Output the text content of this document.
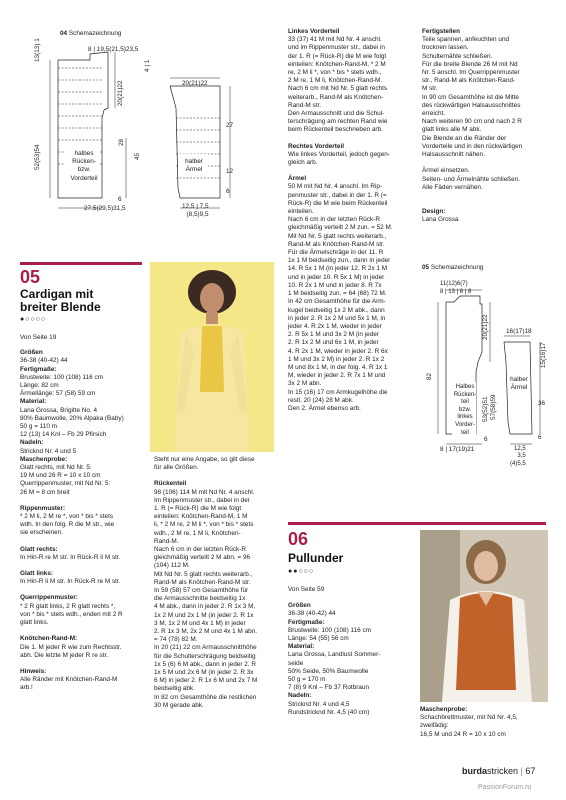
04 Schemazeichnung
8 | 19,5(21,5)23,5
13(13) 1
52(53)54
28
45
6
20(21)22
4 | 1
halbes
Rücken- bzw.
Vorderteil
27,5(29,5)31,5
20(21)22
27
12
6
halber
Ärmel
12,5 | 7,5
(8,5)9,5
05
Cardigan mit
breiter Blende
●○○○○
Von Seite 19
Größen
36-38 (40-42) 44
Fertigmaße:
Brustweite: 100 (108) 116 cm
Länge: 82 cm
Ärmellänge: 57 (58) 59 cm
Material:
Lana Grossa, Brigitte No. 4
80% Baumwolle, 20% Alpaka (Baby)
50 g = 110 m
12 (13) 14 Knl – Fb 29 Pfirsich
Nadeln:
Stricknd Nr. 4 und 5
Maschenprobe:
Glatt rechts, mit Nd Nr. 5:
19 M und 26 R = 10 x 10 cm
Querrippenmuster, mit Nd Nr. 5:
26 M = 8 cm breit
Rippenmuster:
* 2 M li, 2 M re *, von * bis * stets
wdh. In den folg. R die M str., wie
sie erscheinen.
Glatt rechts:
In Hin-R re M str. In Rück-R li M str.
Glatt links:
In Hin-R li M str. In Rück-R re M str.
Querrippenmuster:
* 2 R glatt links, 2 R glatt rechts *,
von * bis * stets wdh., enden mit 2 R
glatt links.
Knötchen-Rand-M:
Die 1. M jeder R wie zum Rechtsstr.
abh. Die letzte M jeder R re str.
Hinweis:
Alle Ränder mit Knötchen-Rand-M
arb.!
Steht nur eine Angabe, so gilt diese
für alle Größen.
Rückenteil
98 (106) 114 M mit Nd Nr. 4 anschl.
Im Rippenmuster str., dabei in der
1. R (= Rück-R) die M wie folgt
einteilen: Knötchen-Rand-M, 1 M
li, * 2 M re, 2 M li *, von * bis * stets
wdh., 2 M re, 1 M li, Knötchen-
Rand-M.
Nach 6 cm in der letzten Rück-R
gleichmäßig verteilt 2 M abn. = 96
(104) 112 M.
Mit Nd Nr. 5 glatt rechts weiterarb.,
Rand-M als Knötchen-Rand-M str.
In 59 (58) 57 cm Gesamthöhe für
die Armausschnitte beidseitig 1x
4 M abk., dann in jeder 2. R 1x 3 M,
1x 2 M und 2x 1 M (in jeder 2. R 1x
3 M, 1x 2 M und 4x 1 M) in jeder
2. R 1x 3 M, 2x 2 M und 4x 1 M abn.
= 74 (78) 82 M.
In 20 (21) 22 cm Armausschnitthöhe
für die Schulterschrägung beidseitig
1x 5 (6) 6 M abk., dann in jeder 2. R
1x 5 M und 2x 6 M (in jeder 2. R 3x
6 M) in jeder 2. R 1x 6 M und 2x 7 M
beidseitig abk.
In 82 cm Gesamthöhe die restlichen
30 M gerade abk.
Linkes Vorderteil
33 (37) 41 M mit Nd Nr. 4 anschl.
und im Rippenmuster str., dabei in
der 1. R (= Rück-R) die M wie folgt
einteilen: Knötchen-Rand-M, * 2 M
re, 2 M li *, von * bis * stets wdh.,
2 M re, 1 M li, Knötchen-Rand-M.
Nach 6 cm mit Nd Nr. 5 glatt rechts
weiterarb., Rand-M als Knötchen-
Rand-M str.
Den Armausschnitt und die Schul-
terschrägung am rechten Rand wie
beim Rückenteil beschrieben arb.
Rechtes Vorderteil
Wie linkes Vorderteil, jedoch gegen-
gleich arb.
Ärmel
50 M mit Nd Nr. 4 anschl. Im Rip-
penmuster str., dabei in der 1. R (=
Rück-R) die M wie beim Rückenteil
einteilen.
Nach 6 cm in der letzten Rück-R
gleichmäßig verteilt 2 M zun. = 52 M.
Mit Nd Nr. 5 glatt rechts weiterarb.,
Rand-M als Knötchen-Rand-M str.
Für die Ärmelschräge in der 11. R
1x 1 M beidseitig zun., dann in jeder
14. R 5x 1 M (in jeder 12. R 2x 1 M
und in jeder 10. R 5x 1 M) in jeder
10. R 2x 1 M und in jeder 8. R 7x
1 M beidseitig zun. = 64 (68) 72 M.
In 42 cm Gesamthöhe für die Arm-
kugel beidseitig 1x 2 M abk., dann
in jeder 2. R 1x 2 M und 5x 1 M, in
jeder 4. R 2x 1 M, wieder in jeder
2. R 5x 1 M und 3x 2 M (in jeder
2. R 1x 2 M und 6x 1 M, in jeder
4. R 2x 1 M, wieder in jeder 2. R 6x
1 M und 3x 2 M) in jeder 2. R 1x 2
M und 8x 1 M, in der folg. 4. R 1x 1
M, wieder in jeder 2. R 7x 1 M und
3x 2 M abn.
In 15 (16) 17 cm Armkugelhöhe die
restl. 20 (24) 28 M abk.
Den 2. Ärmel ebenso arb.
Fertigstellen
Teile spannen, anfeuchten und
trocknen lassen.
Schulternähte schließen.
Für die breite Blende 26 M mit Nd
Nr. 5 anschl. Im Querrippenmuster
str., Rand-M als Knötchen-Rand-
M str.
In 90 cm Gesamthöhe ist die Mitte
des rückwärtigen Halsausschnittes
erreicht.
Nach weiteren 90 cm und nach 2 R
glatt links alle M abk.
Die Blende an die Ränder der
Vorderteile und in den rückwärtigen
Halsausschnitt nähen.

Ärmel einsetzen.
Seiten- und Ärmelnähte schließen.
Alle Fäden vernähen.

Design:
Lana Grossa

05 Schemazeichnung
11(12)6(7)
8 | 13 | 8 | 8
20(21)22
82
53(52)51 57(58)59
6
Halbes
Rücken-
teil
bzw.
linkes
Vorder-
teil
8 | 17(19)21
16(17)18
15(16)17
36
6
halber
Ärmel
12,5
3,5
(4)5,5
06
Pullunder
●●○○○
Von Seite 59
Größen
36-38 (40-42) 44
Fertigmaße:
Brustweite: 100 (108) 116 cm
Länge: 54 (55) 56 cm
Material:
Lana Grossa, Landlust Sommer-
seide
50% Seide, 50% Baumwolle
50 g = 170 m
7 (8) 9 Knl – Fb 37 Rotbraun
Nadeln:
Stricknd Nr. 4 und 4,5
Rundstricknd Nr. 4,5 (40 cm)	Maschenprobe:
Schachbrettmuster, mit Nd Nr. 4,5,
zweifädig:
16,5 M und 24 R = 10 x 10 cm
burdastricken | 67
PassionForum.ru
